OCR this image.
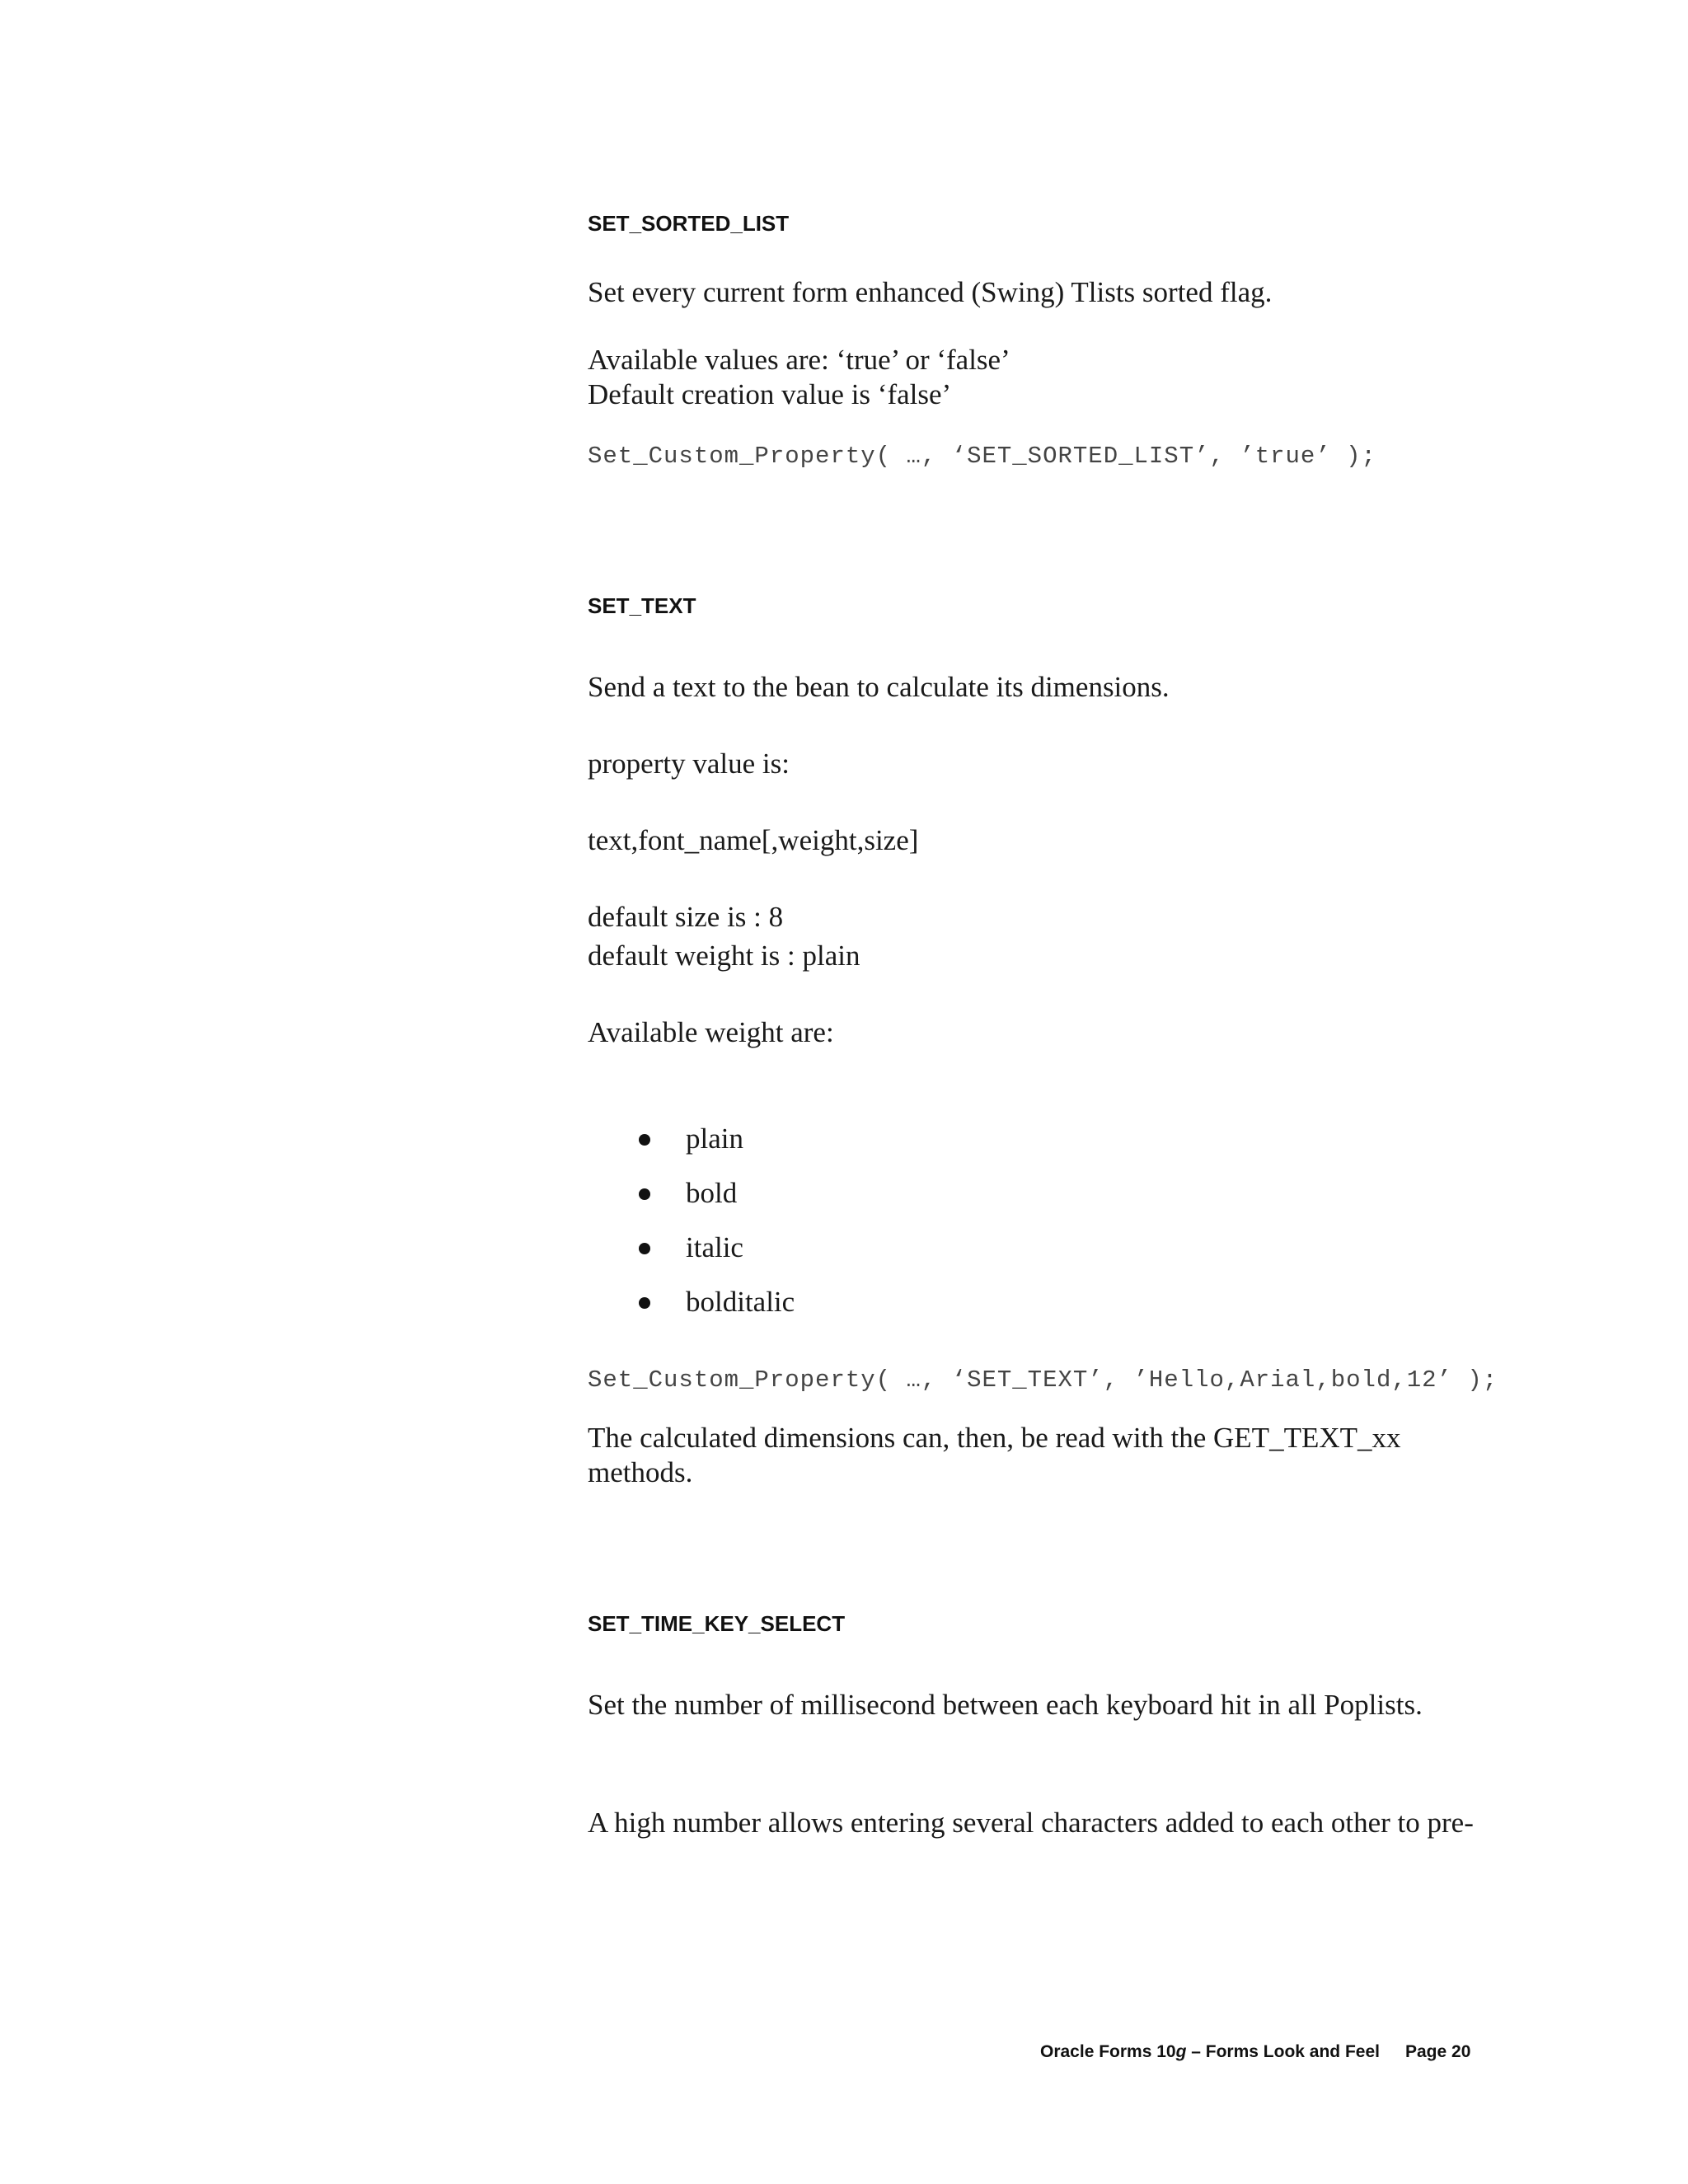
SET_SORTED_LIST
Set every current form enhanced (Swing) Tlists sorted flag.
Available values are: ‘true’ or ‘false’
Default creation value is ‘false’
Set_Custom_Property( …, ‘SET_SORTED_LIST’, ’true’ );
SET_TEXT
Send a text to the bean to calculate its dimensions.
property value is:
text,font_name[,weight,size]
default size is : 8
default weight is : plain
Available weight are:
plain
bold
italic
bolditalic
Set_Custom_Property( …, ‘SET_TEXT’, ’Hello,Arial,bold,12’ );
The calculated dimensions can, then, be read with the GET_TEXT_xx
methods.
SET_TIME_KEY_SELECT
Set the number of millisecond between each keyboard hit in all Poplists.
A high number allows entering several characters added to each other to pre-
Oracle Forms 10g – Forms Look and Feel Page 20
